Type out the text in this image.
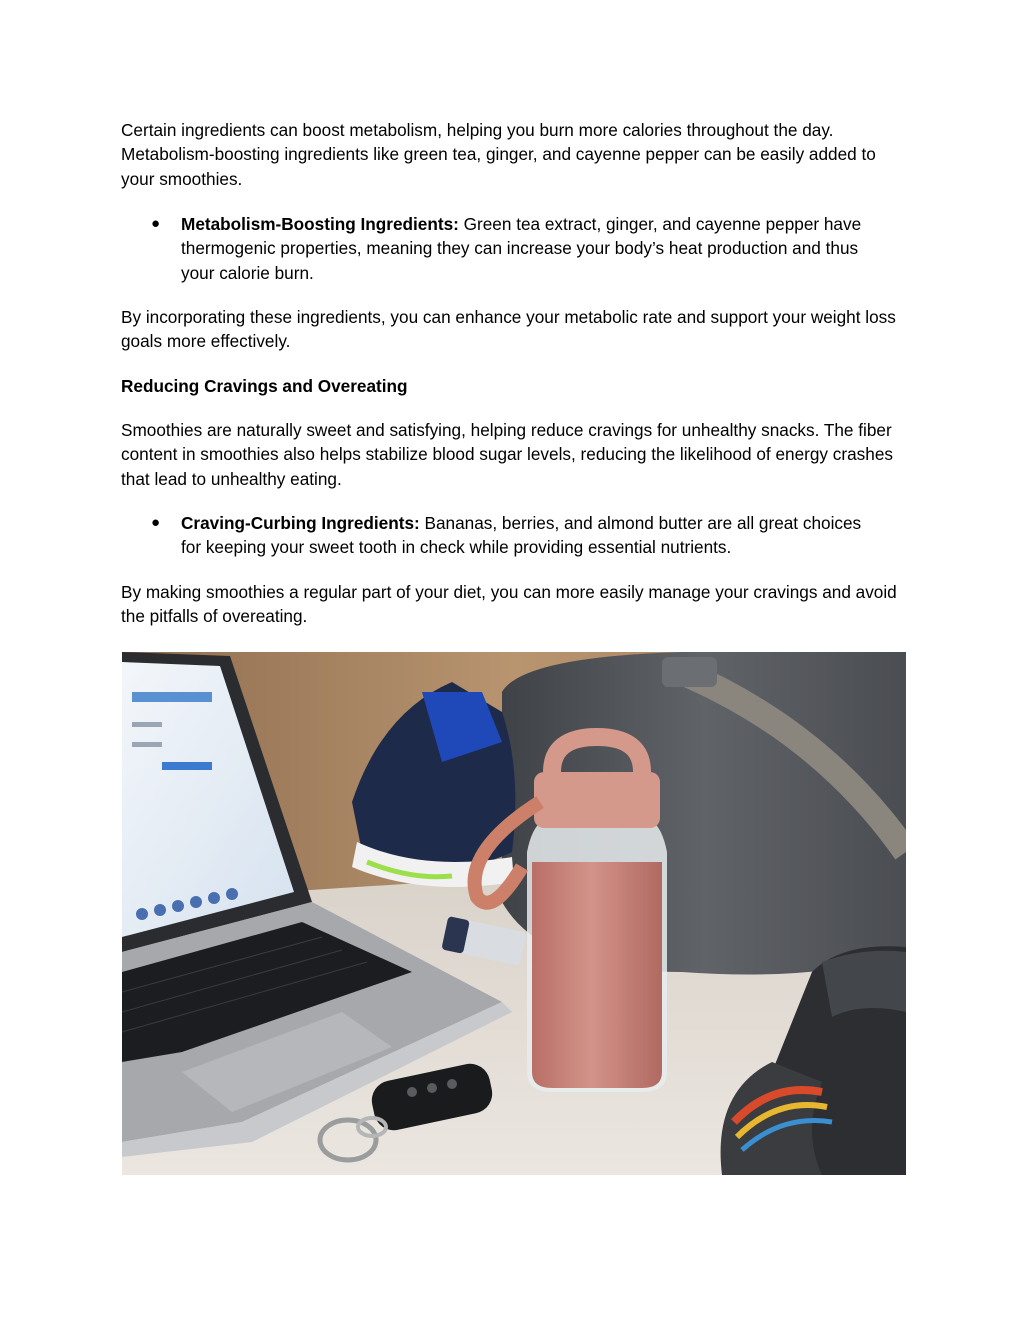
Certain ingredients can boost metabolism, helping you burn more calories throughout the day. Metabolism-boosting ingredients like green tea, ginger, and cayenne pepper can be easily added to your smoothies.

●	Metabolism-Boosting Ingredients: Green tea extract, ginger, and cayenne pepper have thermogenic properties, meaning they can increase your body’s heat production and thus your calorie burn.

By incorporating these ingredients, you can enhance your metabolic rate and support your weight loss goals more effectively.

Reducing Cravings and Overeating

Smoothies are naturally sweet and satisfying, helping reduce cravings for unhealthy snacks. The fiber content in smoothies also helps stabilize blood sugar levels, reducing the likelihood of energy crashes that lead to unhealthy eating.

●	Craving-Curbing Ingredients: Bananas, berries, and almond butter are all great choices for keeping your sweet tooth in check while providing essential nutrients.

By making smoothies a regular part of your diet, you can more easily manage your cravings and avoid the pitfalls of overeating.
